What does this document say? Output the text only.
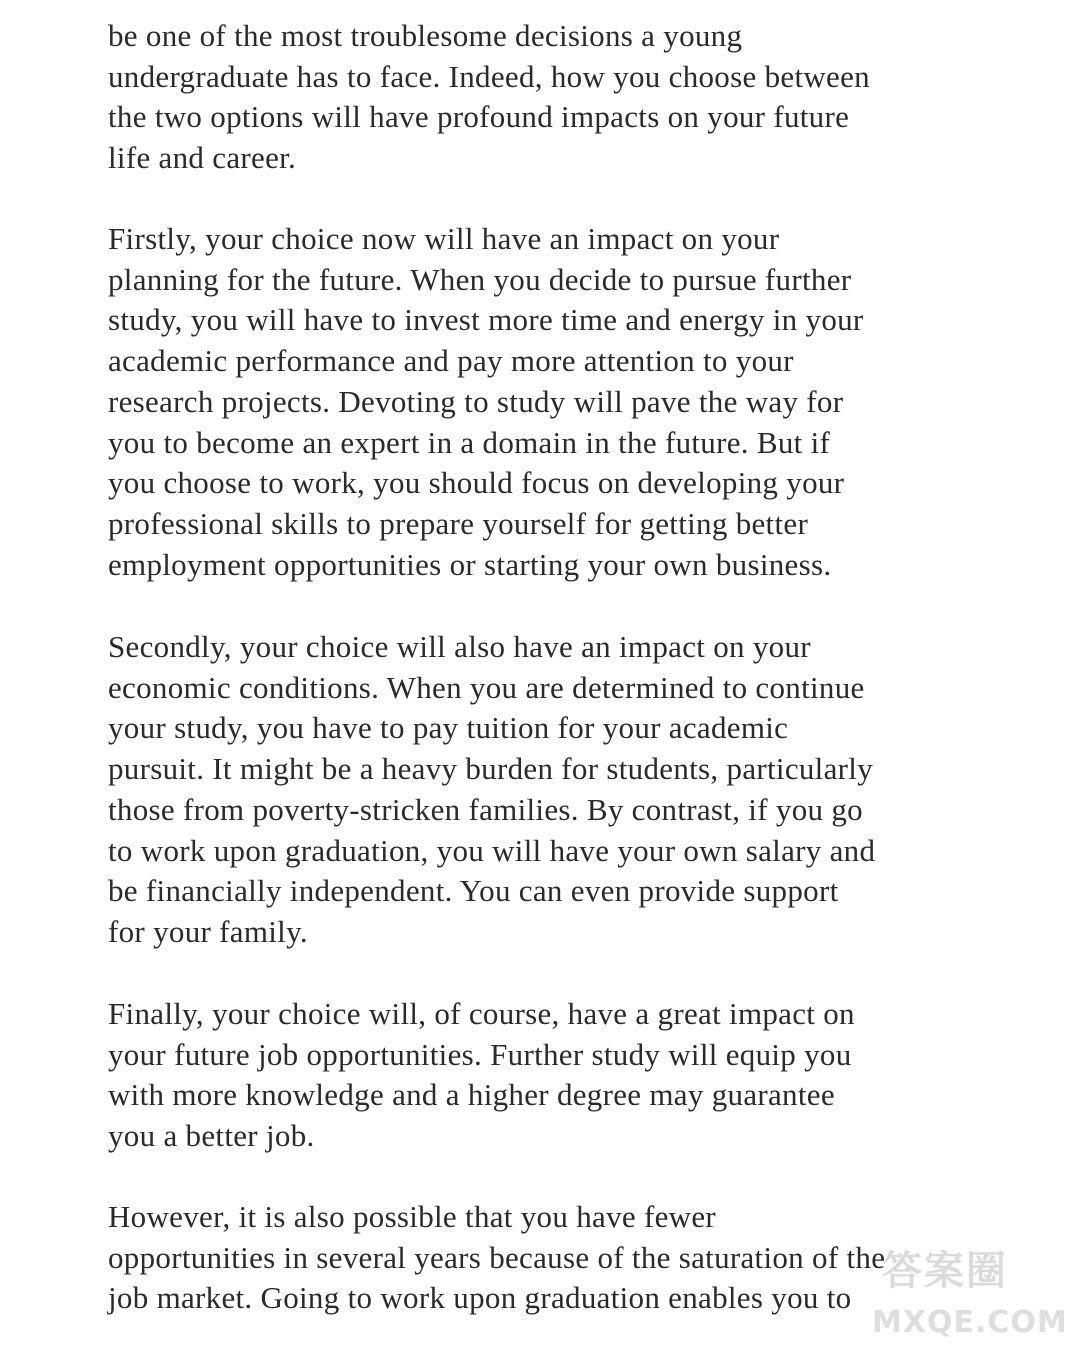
be one of the most troublesome decisions a young
undergraduate has to face. Indeed, how you choose between
the two options will have profound impacts on your future
life and career.
Firstly, your choice now will have an impact on your
planning for the future. When you decide to pursue further
study, you will have to invest more time and energy in your
academic performance and pay more attention to your
research projects. Devoting to study will pave the way for
you to become an expert in a domain in the future. But if
you choose to work, you should focus on developing your
professional skills to prepare yourself for getting better
employment opportunities or starting your own business.
Secondly, your choice will also have an impact on your
economic conditions. When you are determined to continue
your study, you have to pay tuition for your academic
pursuit. It might be a heavy burden for students, particularly
those from poverty-stricken families. By contrast, if you go
to work upon graduation, you will have your own salary and
be financially independent. You can even provide support
for your family.
Finally, your choice will, of course, have a great impact on
your future job opportunities. Further study will equip you
with more knowledge and a higher degree may guarantee
you a better job.
However, it is also possible that you have fewer
opportunities in several years because of the saturation of the
job market. Going to work upon graduation enables you to
答案圈
MXQE.COM
